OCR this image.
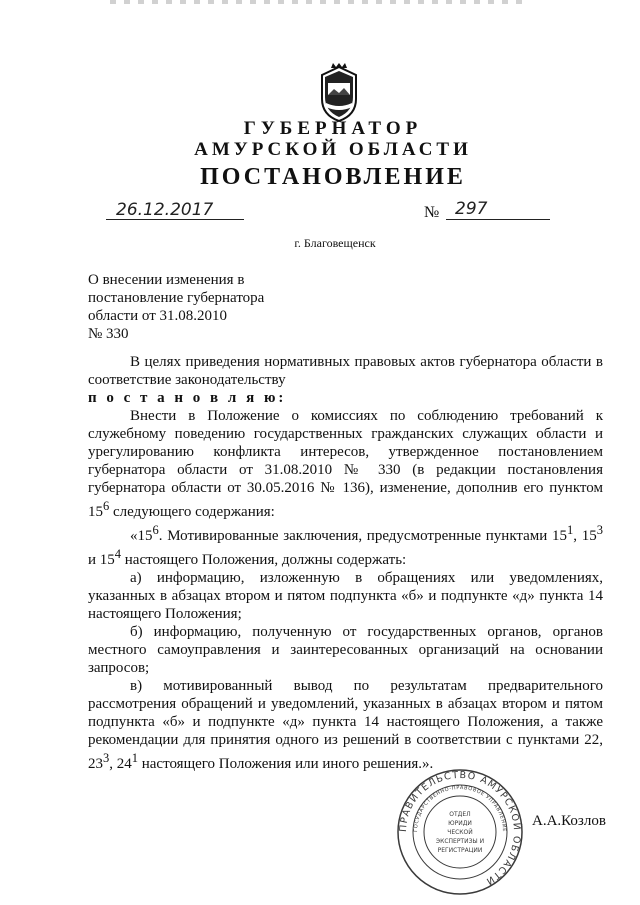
ГУБЕРНАТОР
АМУРСКОЙ ОБЛАСТИ
ПОСТАНОВЛЕНИЕ
26.12.2017	№ 297
г. Благовещенск
О внесении изменения в
постановление губернатора
области от 31.08.2010
№ 330

В целях приведения нормативных правовых актов губернатора области в соответствие законодательству

п о с т а н о в л я ю:

Внести в Положение о комиссиях по соблюдению требований к служебному поведению государственных гражданских служащих области и урегулированию конфликта интересов, утвержденное постановлением губернатора области от 31.08.2010 № 330 (в редакции постановления губернатора области от 30.05.2016 № 136), изменение, дополнив его пунктом $15^6$ следующего содержания:

«$15^6$. Мотивированные заключения, предусмотренные пунктами $15^1$, $15^3$ и $15^4$ настоящего Положения, должны содержать:

а) информацию, изложенную в обращениях или уведомлениях, указанных в абзацах втором и пятом подпункта «б» и подпункте «д» пункта 14 настоящего Положения;

б) информацию, полученную от государственных органов, органов местного самоуправления и заинтересованных организаций на основании запросов;

в) мотивированный вывод по результатам предварительного рассмотрения обращений и уведомлений, указанных в абзацах втором и пятом подпункта «б» и подпункте «д» пункта 14 настоящего Положения, а также рекомендации для принятия одного из решений в соответствии с пунктами 22, $23^3$, $24^1$ настоящего Положения или иного решения.».

ПРАВИТЕЛЬСТВО АМУРСКОЙ ОБЛАСТИ
ГОСУДАРСТВЕННО-ПРАВОВОЕ УПРАВЛЕНИЕ
ОТДЕЛ
ЮРИДИ
ЧЕСКОЙ
ЭКСПЕРТИЗЫ И
РЕГИСТРАЦИИ
А.А.Козлов
